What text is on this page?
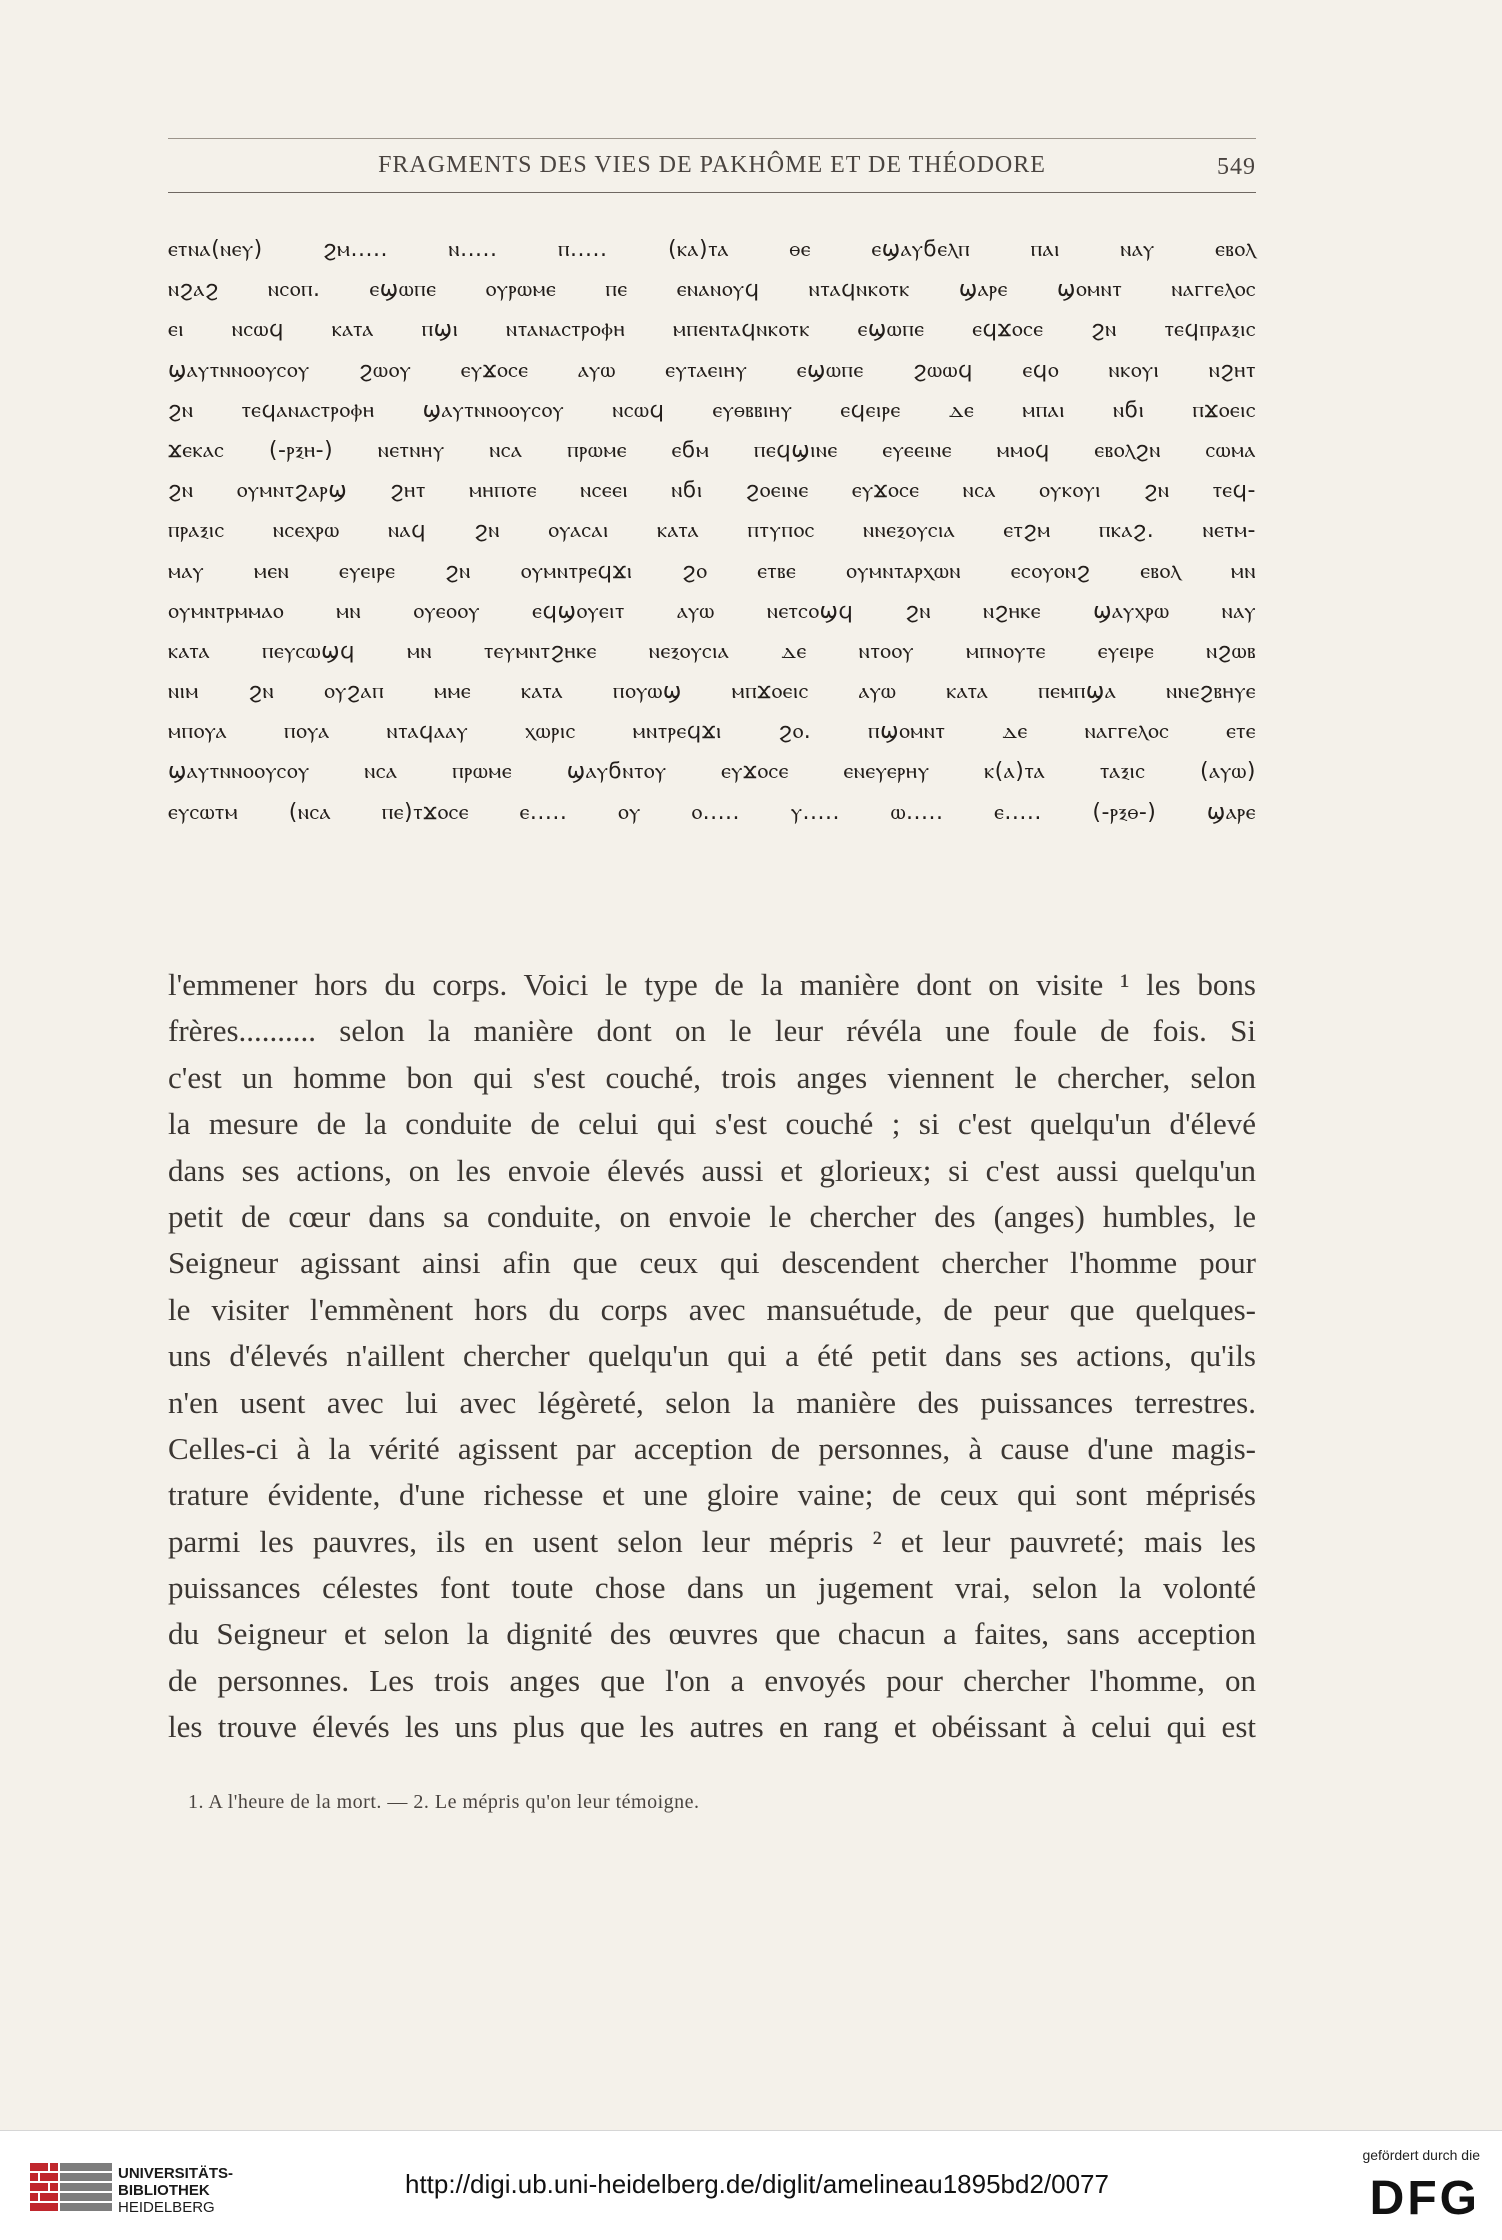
FRAGMENTS DES VIES DE PAKHÔME ET DE THÉODORE	549
ⲉⲧⲛⲁ(ⲛⲉⲩ) ϩⲙ..... ⲛ..... ⲡ..... (ⲕⲁ)ⲧⲁ ⲑⲉ ⲉϣⲁⲩϭⲉⲗⲡ ⲡⲁⲓ ⲛⲁⲩ ⲉⲃⲟⲗ
ⲛϩⲁϩ ⲛⲥⲟⲡ. ⲉϣⲱⲡⲉ ⲟⲩⲣⲱⲙⲉ ⲡⲉ ⲉⲛⲁⲛⲟⲩϥ ⲛⲧⲁϥⲛⲕⲟⲧⲕ ϣⲁⲣⲉ ϣⲟⲙⲛⲧ ⲛⲁⲅⲅⲉⲗⲟⲥ
ⲉⲓ ⲛⲥⲱϥ ⲕⲁⲧⲁ ⲡϣⲓ ⲛⲧⲁⲛⲁⲥⲧⲣⲟⲫⲏ ⲙⲡⲉⲛⲧⲁϥⲛⲕⲟⲧⲕ ⲉϣⲱⲡⲉ ⲉϥϫⲟⲥⲉ ϩⲛ ⲧⲉϥⲡⲣⲁⲝⲓⲥ
ϣⲁⲩⲧⲛⲛⲟⲟⲩⲥⲟⲩ ϩⲱⲟⲩ ⲉⲩϫⲟⲥⲉ ⲁⲩⲱ ⲉⲩⲧⲁⲉⲓⲏⲩ ⲉϣⲱⲡⲉ ϩⲱⲱϥ ⲉϥⲟ ⲛⲕⲟⲩⲓ ⲛϩⲏⲧ
ϩⲛ ⲧⲉϥⲁⲛⲁⲥⲧⲣⲟⲫⲏ ϣⲁⲩⲧⲛⲛⲟⲟⲩⲥⲟⲩ ⲛⲥⲱϥ ⲉⲩⲑⲃⲃⲓⲏⲩ ⲉϥⲉⲓⲣⲉ ⲇⲉ ⲙⲡⲁⲓ ⲛϭⲓ ⲡϫⲟⲉⲓⲥ
ϫⲉⲕⲁⲥ (-ⲣⲝⲏ-) ⲛⲉⲧⲛⲏⲩ ⲛⲥⲁ ⲡⲣⲱⲙⲉ ⲉϭⲙ ⲡⲉϥϣⲓⲛⲉ ⲉⲩⲉⲉⲓⲛⲉ ⲙⲙⲟϥ ⲉⲃⲟⲗϩⲛ ⲥⲱⲙⲁ
ϩⲛ ⲟⲩⲙⲛⲧϩⲁⲣϣ ϩⲏⲧ ⲙⲏⲡⲟⲧⲉ ⲛⲥⲉⲉⲓ ⲛϭⲓ ϩⲟⲉⲓⲛⲉ ⲉⲩϫⲟⲥⲉ ⲛⲥⲁ ⲟⲩⲕⲟⲩⲓ ϩⲛ ⲧⲉϥ-
ⲡⲣⲁⲝⲓⲥ ⲛⲥⲉⲭⲣⲱ ⲛⲁϥ ϩⲛ ⲟⲩⲁⲥⲁⲓ ⲕⲁⲧⲁ ⲡⲧⲩⲡⲟⲥ ⲛⲛⲉⲝⲟⲩⲥⲓⲁ ⲉⲧϩⲙ ⲡⲕⲁϩ. ⲛⲉⲧⲙ-
ⲙⲁⲩ ⲙⲉⲛ ⲉⲩⲉⲓⲣⲉ ϩⲛ ⲟⲩⲙⲛⲧⲣⲉϥϫⲓ ϩⲟ ⲉⲧⲃⲉ ⲟⲩⲙⲛⲧⲁⲣⲭⲱⲛ ⲉⲥⲟⲩⲟⲛϩ ⲉⲃⲟⲗ ⲙⲛ
ⲟⲩⲙⲛⲧⲣⲙⲙⲁⲟ ⲙⲛ ⲟⲩⲉⲟⲟⲩ ⲉϥϣⲟⲩⲉⲓⲧ ⲁⲩⲱ ⲛⲉⲧⲥⲟϣϥ ϩⲛ ⲛϩⲏⲕⲉ ϣⲁⲩⲭⲣⲱ ⲛⲁⲩ
ⲕⲁⲧⲁ ⲡⲉⲩⲥⲱϣϥ ⲙⲛ ⲧⲉⲩⲙⲛⲧϩⲏⲕⲉ ⲛⲉⲝⲟⲩⲥⲓⲁ ⲇⲉ ⲛⲧⲟⲟⲩ ⲙⲡⲛⲟⲩⲧⲉ ⲉⲩⲉⲓⲣⲉ ⲛϩⲱⲃ
ⲛⲓⲙ ϩⲛ ⲟⲩϩⲁⲡ ⲙⲙⲉ ⲕⲁⲧⲁ ⲡⲟⲩⲱϣ ⲙⲡϫⲟⲉⲓⲥ ⲁⲩⲱ ⲕⲁⲧⲁ ⲡⲉⲙⲡϣⲁ ⲛⲛⲉϩⲃⲏⲩⲉ
ⲙⲡⲟⲩⲁ ⲡⲟⲩⲁ ⲛⲧⲁϥⲁⲁⲩ ⲭⲱⲣⲓⲥ ⲙⲛⲧⲣⲉϥϫⲓ ϩⲟ. ⲡϣⲟⲙⲛⲧ ⲇⲉ ⲛⲁⲅⲅⲉⲗⲟⲥ ⲉⲧⲉ
ϣⲁⲩⲧⲛⲛⲟⲟⲩⲥⲟⲩ ⲛⲥⲁ ⲡⲣⲱⲙⲉ ϣⲁⲩϭⲛⲧⲟⲩ ⲉⲩϫⲟⲥⲉ ⲉⲛⲉⲩⲉⲣⲏⲩ ⲕ(ⲁ)ⲧⲁ ⲧⲁⲝⲓⲥ (ⲁⲩⲱ)
ⲉⲩⲥⲱⲧⲙ (ⲛⲥⲁ ⲡⲉ)ⲧϫⲟⲥⲉ ⲉ..... ⲟⲩ ⲟ..... ⲩ..... ⲱ..... ⲉ..... (-ⲣⲝⲑ-) ϣⲁⲣⲉ
l'emmener hors du corps. Voici le type de la manière dont on visite ¹ les bons
frères.......... selon la manière dont on le leur révéla une foule de fois. Si
c'est un homme bon qui s'est couché, trois anges viennent le chercher, selon
la mesure de la conduite de celui qui s'est couché ; si c'est quelqu'un d'élevé
dans ses actions, on les envoie élevés aussi et glorieux; si c'est aussi quelqu'un
petit de cœur dans sa conduite, on envoie le chercher des (anges) humbles, le
Seigneur agissant ainsi afin que ceux qui descendent chercher l'homme pour
le visiter l'emmènent hors du corps avec mansuétude, de peur que quelques-
uns d'élevés n'aillent chercher quelqu'un qui a été petit dans ses actions, qu'ils
n'en usent avec lui avec légèreté, selon la manière des puissances terrestres.
Celles-ci à la vérité agissent par acception de personnes, à cause d'une magis-
trature évidente, d'une richesse et une gloire vaine; de ceux qui sont méprisés
parmi les pauvres, ils en usent selon leur mépris ² et leur pauvreté; mais les
puissances célestes font toute chose dans un jugement vrai, selon la volonté
du Seigneur et selon la dignité des œuvres que chacun a faites, sans acception
de personnes. Les trois anges que l'on a envoyés pour chercher l'homme, on
les trouve élevés les uns plus que les autres en rang et obéissant à celui qui est
1. A l'heure de la mort. — 2. Le mépris qu'on leur témoigne.
UNIVERSITÄTS-
BIBLIOTHEK
HEIDELBERG
http://digi.ub.uni-heidelberg.de/diglit/amelineau1895bd2/0077
gefördert durch die
DFG
